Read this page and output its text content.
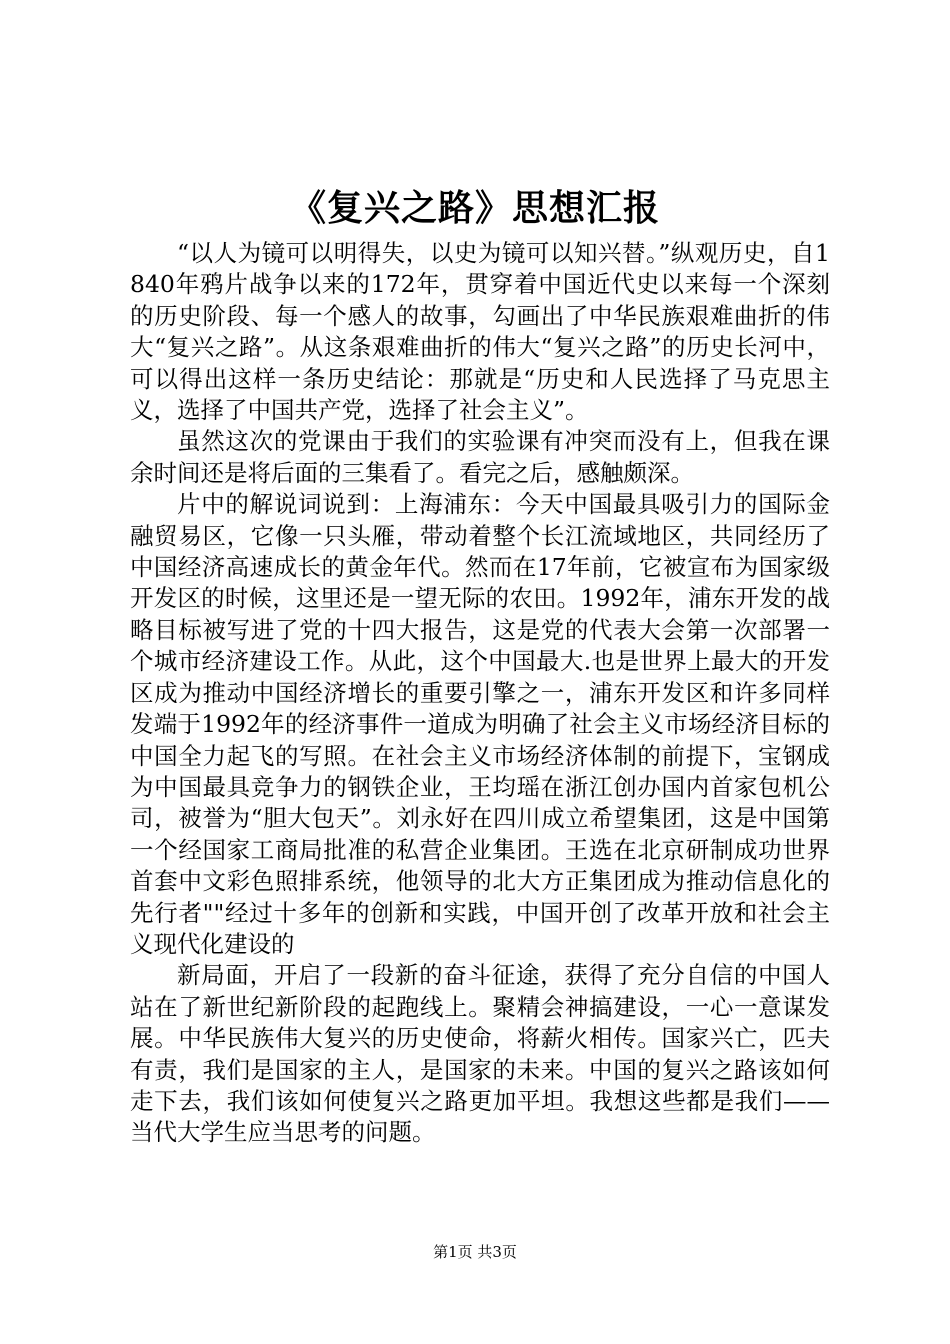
《复兴之路》思想汇报

“以人为镜可以明得失，以史为镜可以知兴替。”纵观历史，自1840年鸦片战争以来的172年，贯穿着中国近代史以来每一个深刻的历史阶段、每一个感人的故事，勾画出了中华民族艰难曲折的伟大“复兴之路”。从这条艰难曲折的伟大“复兴之路”的历史长河中，可以得出这样一条历史结论：那就是“历史和人民选择了马克思主义，选择了中国共产党，选择了社会主义”。

虽然这次的党课由于我们的实验课有冲突而没有上，但我在课余时间还是将后面的三集看了。看完之后，感触颇深。

片中的解说词说到：上海浦东：今天中国最具吸引力的国际金融贸易区，它像一只头雁，带动着整个长江流域地区，共同经历了中国经济高速成长的黄金年代。然而在17年前，它被宣布为国家级开发区的时候，这里还是一望无际的农田。1992年，浦东开发的战略目标被写进了党的十四大报告，这是党的代表大会第一次部署一个城市经济建设工作。从此，这个中国最大.也是世界上最大的开发区成为推动中国经济增长的重要引擎之一，浦东开发区和许多同样发端于1992年的经济事件一道成为明确了社会主义市场经济目标的中国全力起飞的写照。在社会主义市场经济体制的前提下，宝钢成为中国最具竞争力的钢铁企业，王均瑶在浙江创办国内首家包机公司，被誉为“胆大包天”。刘永好在四川成立希望集团，这是中国第一个经国家工商局批准的私营企业集团。王选在北京研制成功世界首套中文彩色照排系统，他领导的北大方正集团成为推动信息化的先行者""经过十多年的创新和实践，中国开创了改革开放和社会主义现代化建设的

新局面，开启了一段新的奋斗征途，获得了充分自信的中国人站在了新世纪新阶段的起跑线上。聚精会神搞建设，一心一意谋发展。中华民族伟大复兴的历史使命，将薪火相传。国家兴亡，匹夫有责，我们是国家的主人，是国家的未来。中国的复兴之路该如何走下去，我们该如何使复兴之路更加平坦。我想这些都是我们——当代大学生应当思考的问题。

第1页 共3页
